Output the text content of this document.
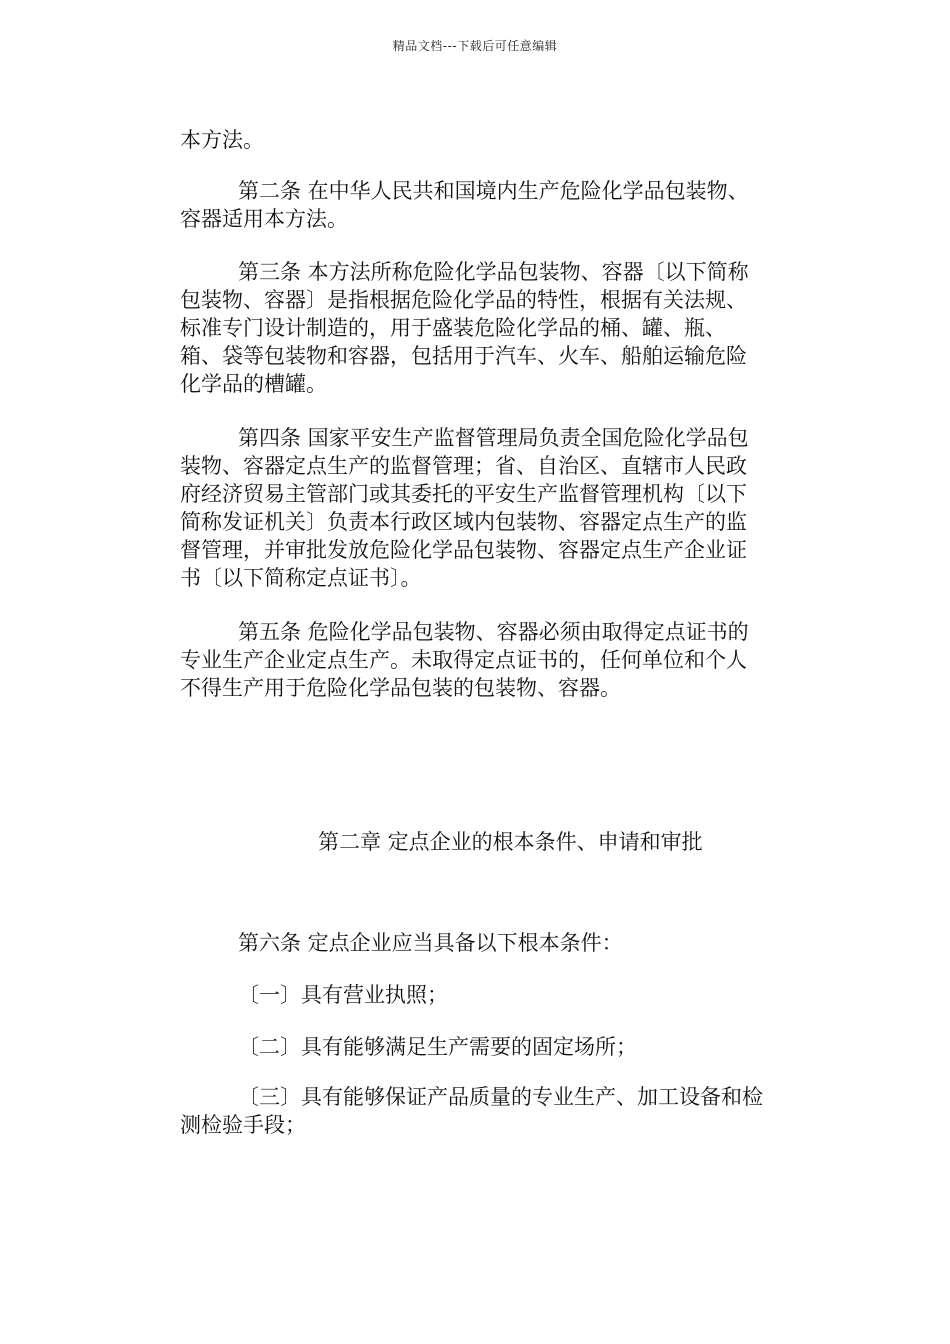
精品文档---下载后可任意编辑
本方法。
第二条 在中华人民共和国境内生产危险化学品包装物、
容器适用本方法。
第三条 本方法所称危险化学品包装物、容器〔以下简称
包装物、容器〕是指根据危险化学品的特性，根据有关法规、
标准专门设计制造的，用于盛装危险化学品的桶、罐、瓶、
箱、袋等包装物和容器，包括用于汽车、火车、船舶运输危险
化学品的槽罐。
第四条 国家平安生产监督管理局负责全国危险化学品包
装物、容器定点生产的监督管理；省、自治区、直辖市人民政
府经济贸易主管部门或其委托的平安生产监督管理机构〔以下
简称发证机关〕负责本行政区域内包装物、容器定点生产的监
督管理，并审批发放危险化学品包装物、容器定点生产企业证
书〔以下简称定点证书〕。
第五条 危险化学品包装物、容器必须由取得定点证书的
专业生产企业定点生产。未取得定点证书的，任何单位和个人
不得生产用于危险化学品包装的包装物、容器。
第二章 定点企业的根本条件、申请和审批
第六条 定点企业应当具备以下根本条件：
〔一〕具有营业执照；
〔二〕具有能够满足生产需要的固定场所；
〔三〕具有能够保证产品质量的专业生产、加工设备和检
测检验手段；
